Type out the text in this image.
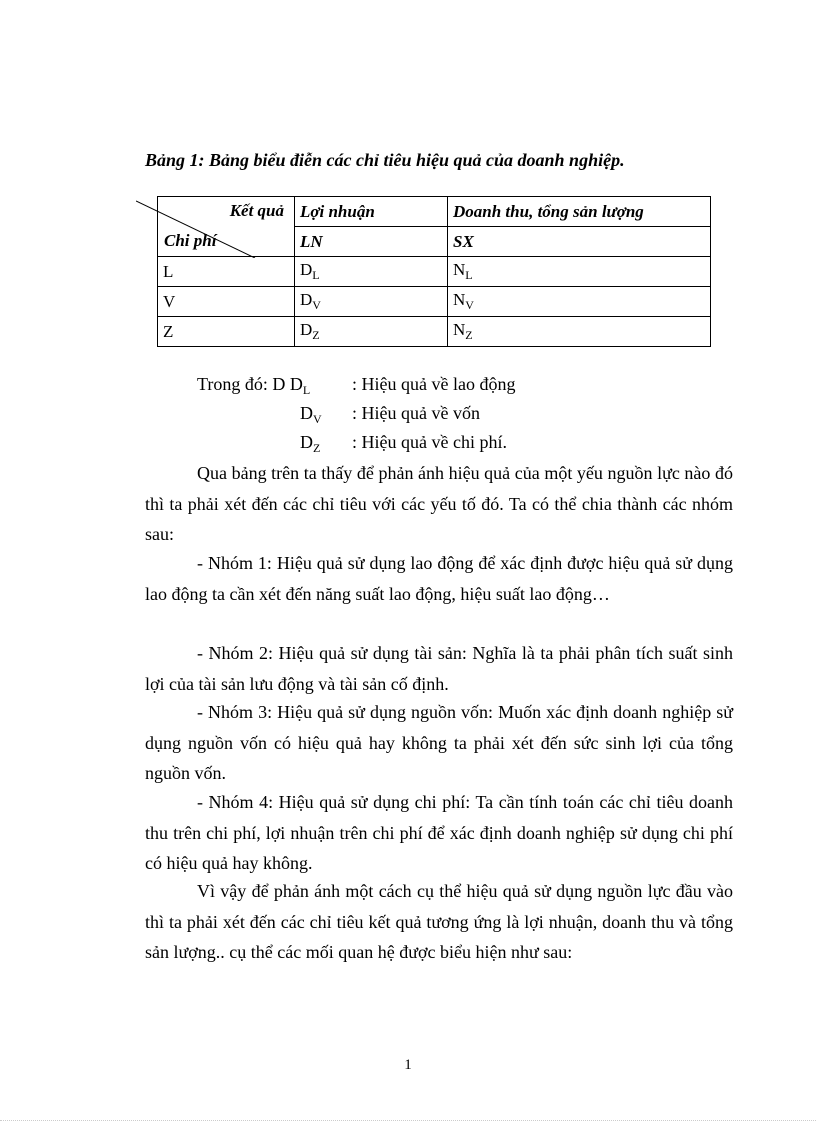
Bảng 1: Bảng biểu điễn các chỉ tiêu hiệu quả của doanh nghiệp.
Kết quả
Chi phí	Lợi nhuận	Doanh thu, tổng sản lượng
	LN	SX
L	$D_L$	$N_L$
V	$D_V$	$N_V$
Z	$D_Z$	$N_Z$
Trong đó: D $D_L$ : Hiệu quả về lao động
$D_V$ : Hiệu quả về vốn
$D_Z$ : Hiệu quả về chi phí.

Qua bảng trên ta thấy để phản ánh hiệu quả của một yếu nguồn lực nào đó thì ta phải xét đến các chỉ tiêu với các yếu tố đó. Ta có thể chia thành các nhóm sau:

- Nhóm 1: Hiệu quả sử dụng lao động để xác định được hiệu quả sử dụng lao động ta cần xét đến năng suất lao động, hiệu suất lao động…

- Nhóm 2: Hiệu quả sử dụng tài sản: Nghĩa là ta phải phân tích suất sinh lợi của tài sản lưu động và tài sản cố định.

- Nhóm 3: Hiệu quả sử dụng nguồn vốn: Muốn xác định doanh nghiệp sử dụng nguồn vốn có hiệu quả hay không ta phải xét đến sức sinh lợi của tổng nguồn vốn.

- Nhóm 4: Hiệu quả sử dụng chi phí: Ta cần tính toán các chỉ tiêu doanh thu trên chi phí, lợi nhuận trên chi phí để xác định doanh nghiệp sử dụng chi phí có hiệu quả hay không.

Vì vậy để phản ánh một cách cụ thể hiệu quả sử dụng nguồn lực đầu vào thì ta phải xét đến các chỉ tiêu kết quả tương ứng là lợi nhuận, doanh thu và tổng sản lượng.. cụ thể các mối quan hệ được biểu hiện như sau:

1
